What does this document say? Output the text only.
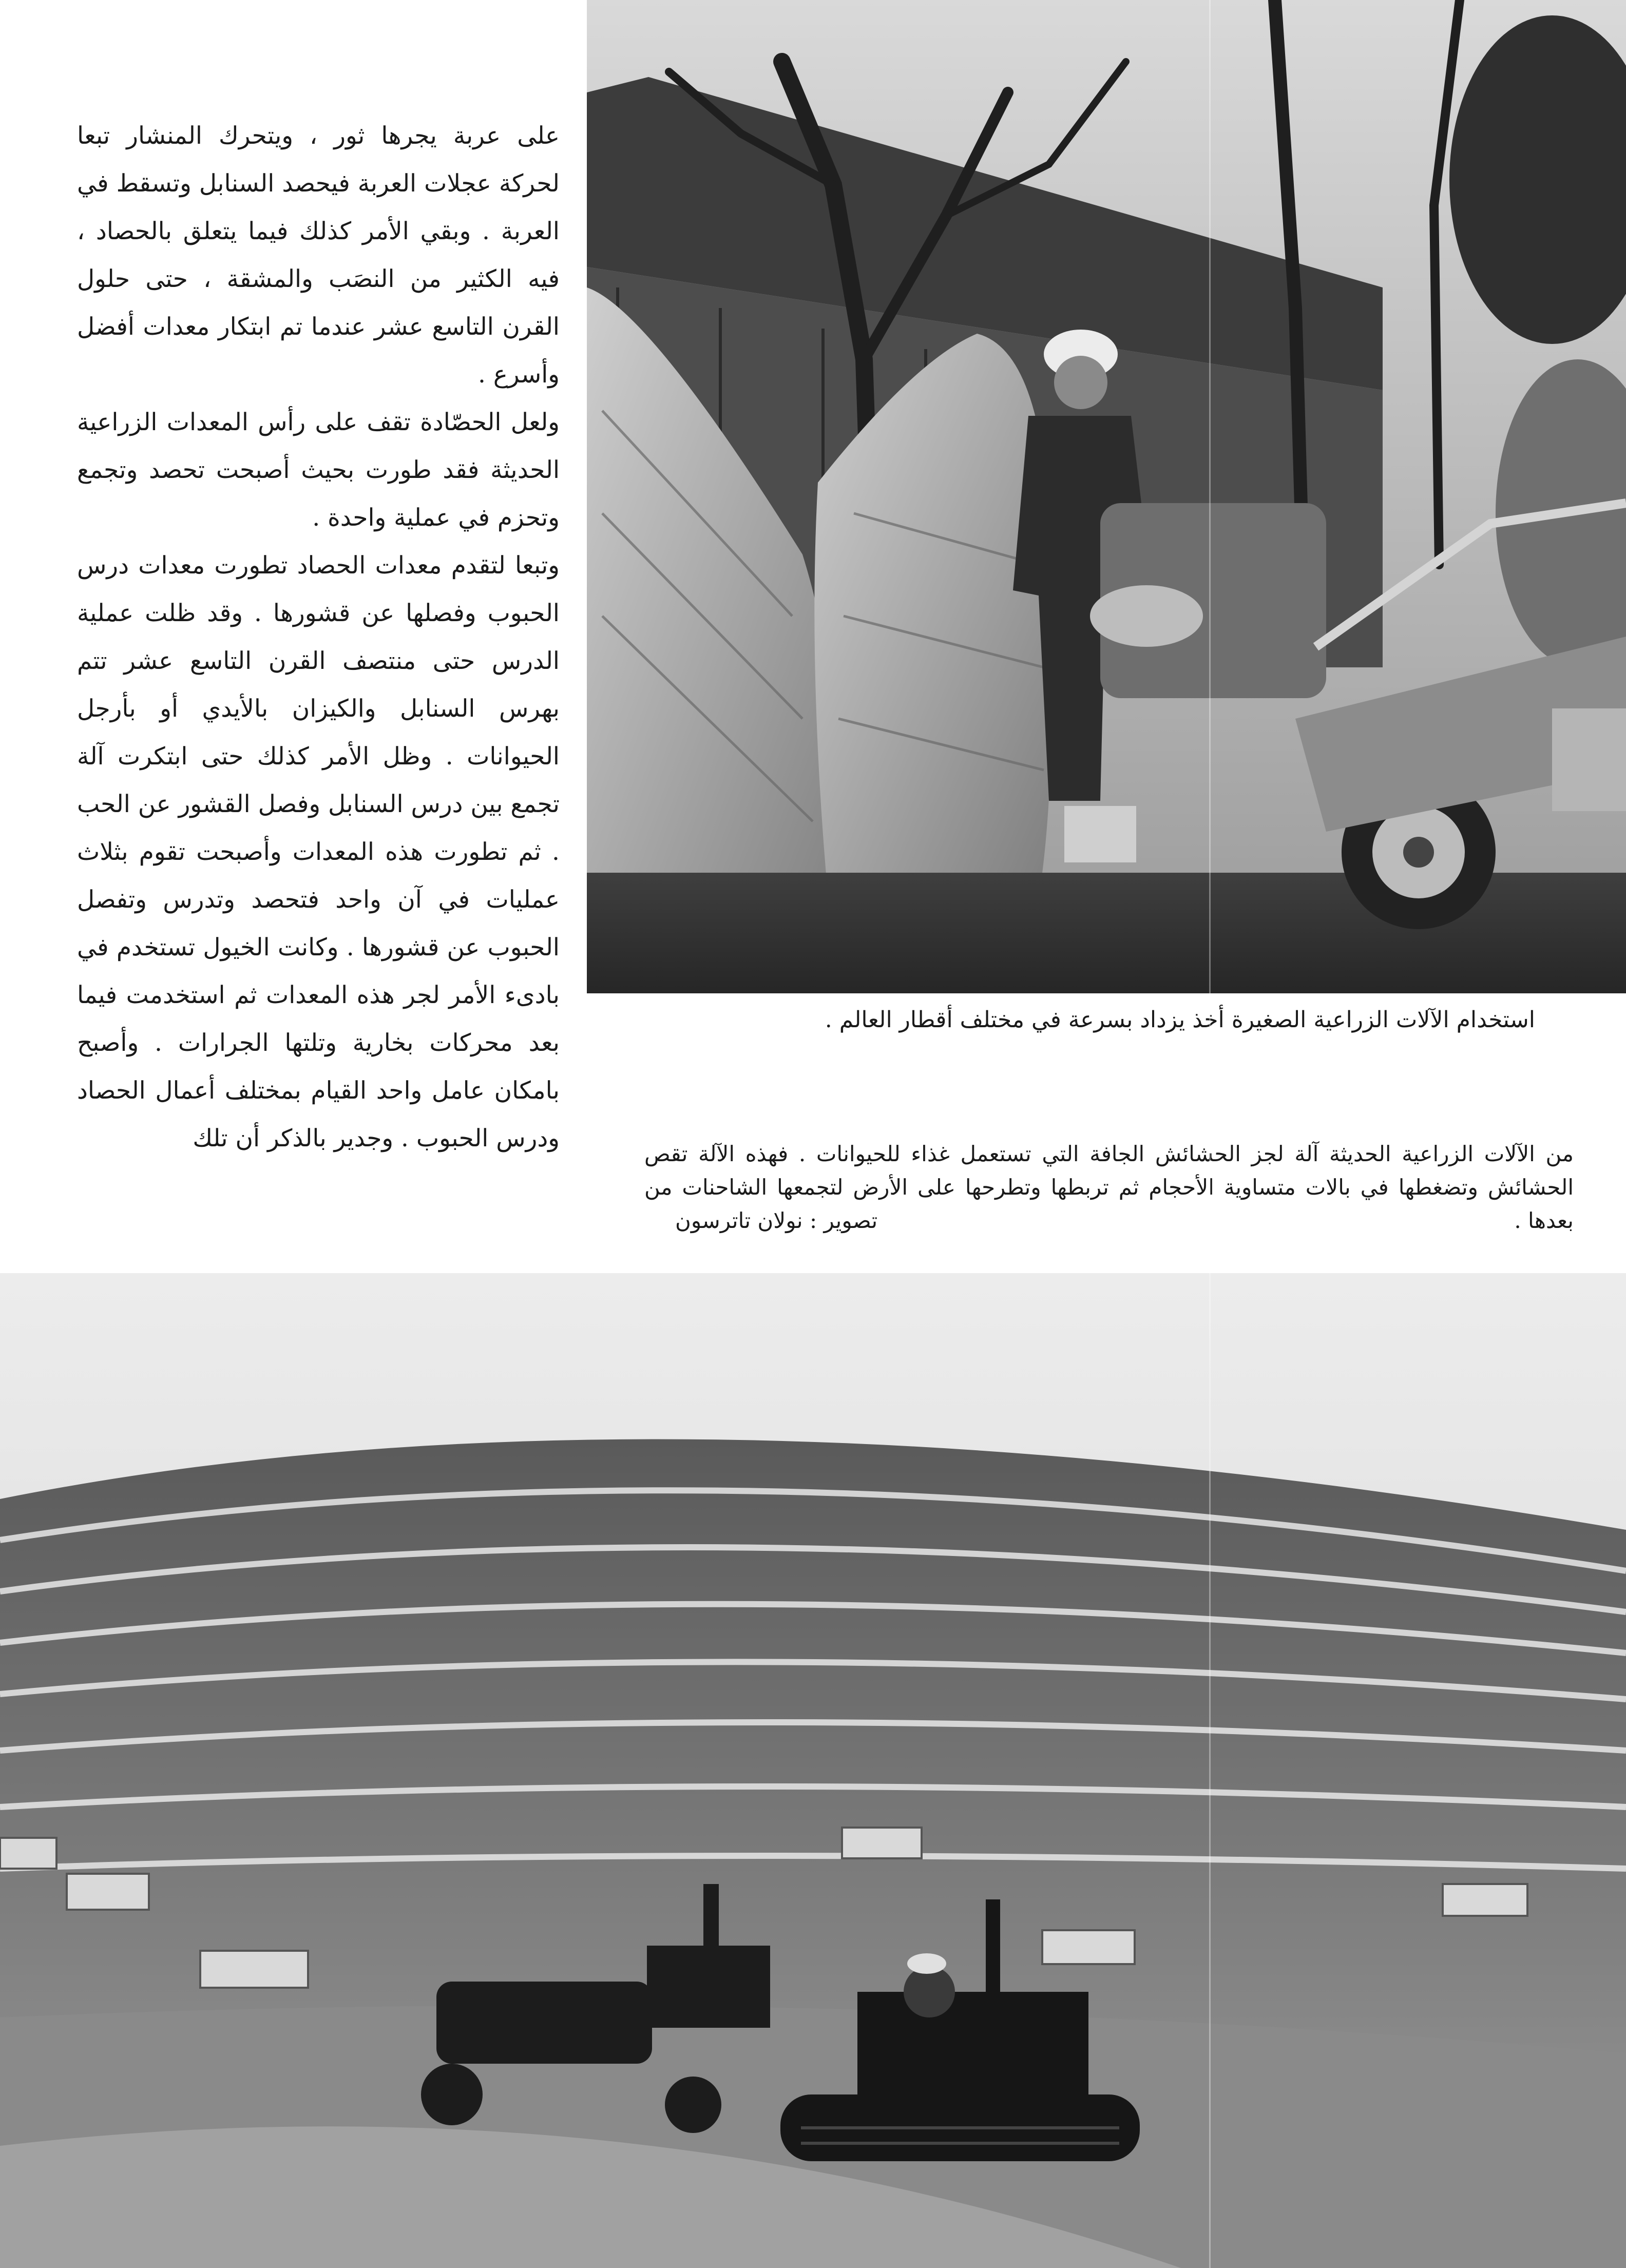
على عربة يجرها ثور ، ويتحرك المنشار تبعا لحركة عجلات العربة فيحصد السنابل وتسقط في العربة . وبقي الأمر كذلك فيما يتعلق بالحصاد ، فيه الكثير من النصَب والمشقة ، حتى حلول القرن التاسع عشر عندما تم ابتكار معدات أفضل وأسرع .

ولعل الحصّادة تقف على رأس المعدات الزراعية الحديثة فقد طورت بحيث أصبحت تحصد وتجمع وتحزم في عملية واحدة .

وتبعا لتقدم معدات الحصاد تطورت معدات درس الحبوب وفصلها عن قشورها . وقد ظلت عملية الدرس حتى منتصف القرن التاسع عشر تتم بهرس السنابل والكيزان بالأيدي أو بأرجل الحيوانات . وظل الأمر كذلك حتى ابتكرت آلة تجمع بين درس السنابل وفصل القشور عن الحب . ثم تطورت هذه المعدات وأصبحت تقوم بثلاث عمليات في آن واحد فتحصد وتدرس وتفصل الحبوب عن قشورها . وكانت الخيول تستخدم في بادىء الأمر لجر هذه المعدات ثم استخدمت فيما بعد محركات بخارية وتلتها الجرارات . وأصبح بامكان عامل واحد القيام بمختلف أعمال الحصاد ودرس الحبوب . وجدير بالذكر أن تلك

استخدام الآلات الزراعية الصغيرة أخذ يزداد بسرعة في مختلف أقطار العالم .
من الآلات الزراعية الحديثة آلة لجز الحشائش الجافة التي تستعمل غذاء للحيوانات . فهذه الآلة تقص الحشائش وتضغطها في بالات متساوية الأحجام ثم تربطها وتطرحها على الأرض لتجمعها الشاحنات من بعدها .
تصوير : نولان تاترسون
